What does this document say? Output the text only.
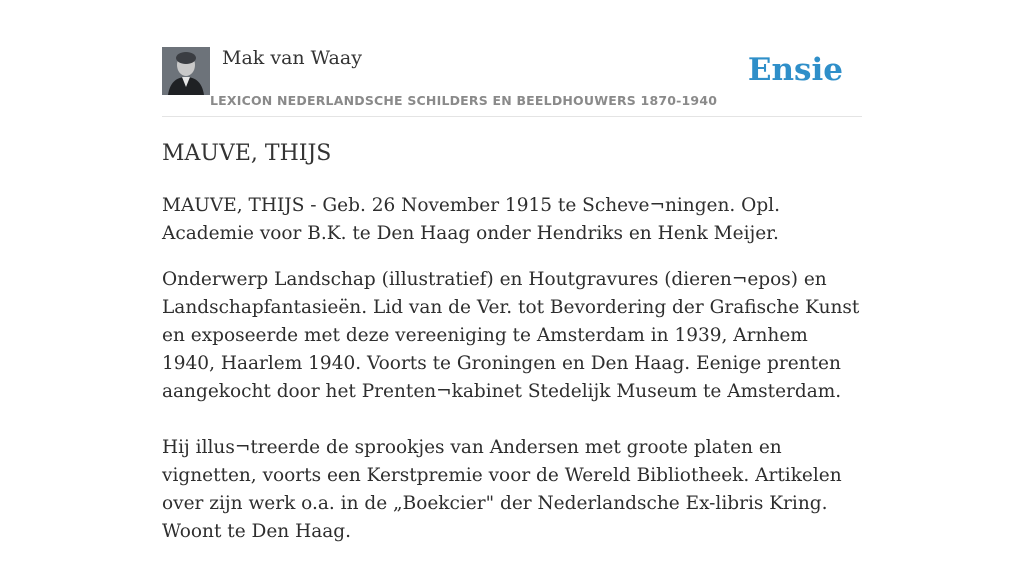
Mak van Waay
LEXICON NEDERLANDSCHE SCHILDERS EN BEELDHOUWERS 1870-1940
Ensie
MAUVE, THIJS

MAUVE, THIJS - Geb. 26 November 1915 te Scheve¬ningen. Opl. Academie voor B.K. te Den Haag onder Hendriks en Henk Meijer.

Onderwerp Landschap (illustratief) en Houtgravures (dieren¬epos) en Landschapfantasieën. Lid van de Ver. tot Bevordering der Grafische Kunst en exposeerde met deze vereeniging te Amsterdam in 1939, Arnhem 1940, Haarlem 1940. Voorts te Groningen en Den Haag. Eenige prenten aangekocht door het Prenten¬kabinet Stedelijk Museum te Amsterdam.

Hij illus¬treerde de sprookjes van Andersen met groote platen en vignetten, voorts een Kerstpremie voor de Wereld Bibliotheek. Artikelen over zijn werk o.a. in de „Boekcier" der Nederlandsche Ex-libris Kring. Woont te Den Haag.
